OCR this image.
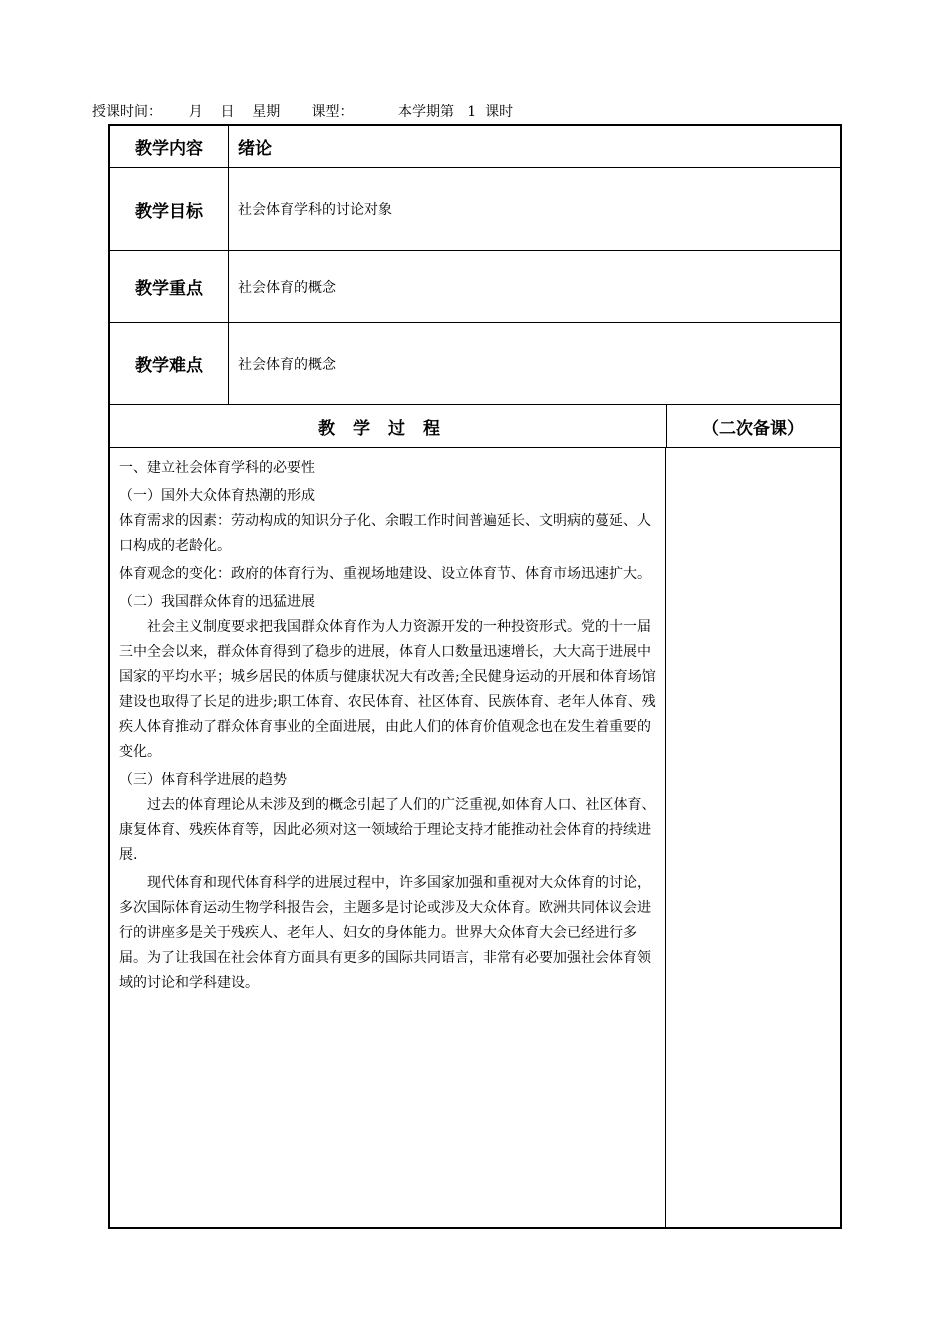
授课时间：      月    日    星期       课型：          本学期第   1  课时
教学内容	绪论
教学目标	社会体育学科的讨论对象
教学重点	社会体育的概念
教学难点	社会体育的概念
教学过程	（二次备课）

一、建立社会体育学科的必要性

（一）国外大众体育热潮的形成

体育需求的因素：劳动构成的知识分子化、余暇工作时间普遍延长、文明病的蔓延、人口构成的老龄化。

体育观念的变化：政府的体育行为、重视场地建设、设立体育节、体育市场迅速扩大。

（二）我国群众体育的迅猛进展

社会主义制度要求把我国群众体育作为人力资源开发的一种投资形式。党的十一届三中全会以来，群众体育得到了稳步的进展，体育人口数量迅速增长，大大高于进展中国家的平均水平；城乡居民的体质与健康状况大有改善;全民健身运动的开展和体育场馆建设也取得了长足的进步;职工体育、农民体育、社区体育、民族体育、老年人体育、残疾人体育推动了群众体育事业的全面进展，由此人们的体育价值观念也在发生着重要的变化。

（三）体育科学进展的趋势

过去的体育理论从未涉及到的概念引起了人们的广泛重视,如体育人口、社区体育、康复体育、残疾体育等，因此必须对这一领域给于理论支持才能推动社会体育的持续进展.

现代体育和现代体育科学的进展过程中，许多国家加强和重视对大众体育的讨论，多次国际体育运动生物学科报告会，主题多是讨论或涉及大众体育。欧洲共同体议会进行的讲座多是关于残疾人、老年人、妇女的身体能力。世界大众体育大会已经进行多届。为了让我国在社会体育方面具有更多的国际共同语言，非常有必要加强社会体育领域的讨论和学科建设。
